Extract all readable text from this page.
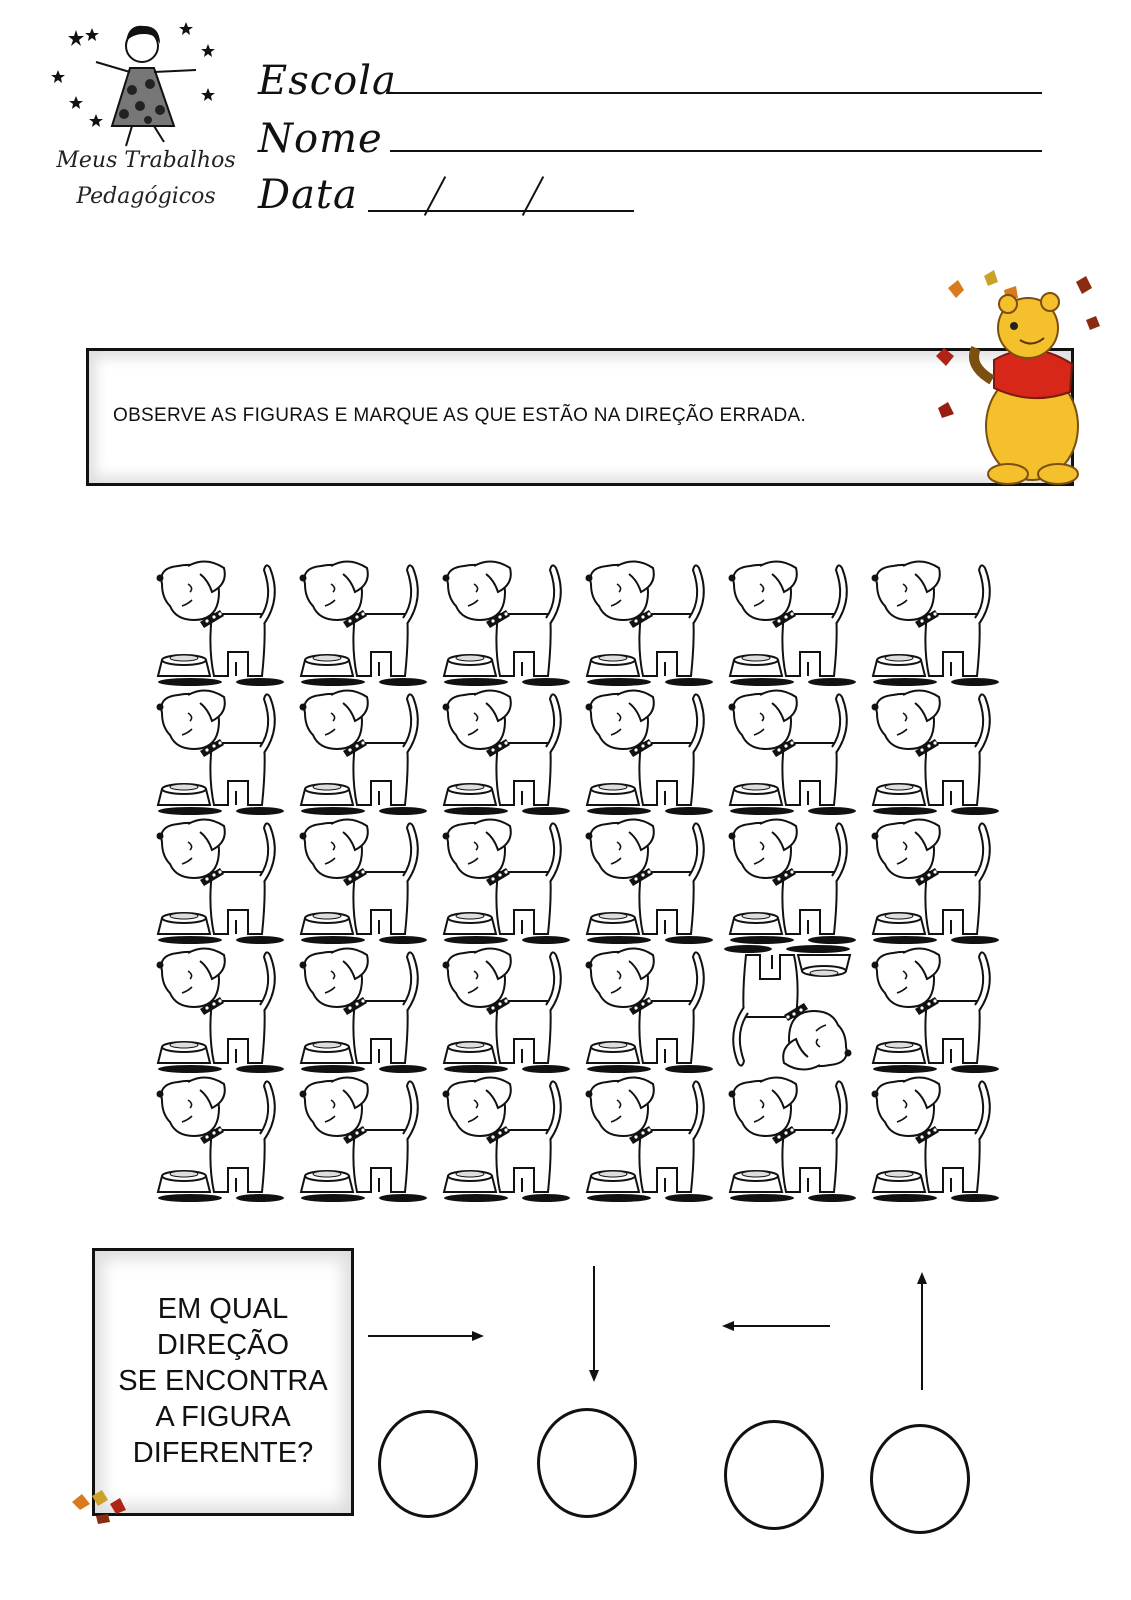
Meus Trabalhos
Pedagógicos
Escola
Nome
Data
OBSERVE AS FIGURAS E MARQUE AS QUE ESTÃO NA DIREÇÃO ERRADA.
EM QUAL
DIREÇÃO
SE ENCONTRA
A FIGURA
DIFERENTE?
